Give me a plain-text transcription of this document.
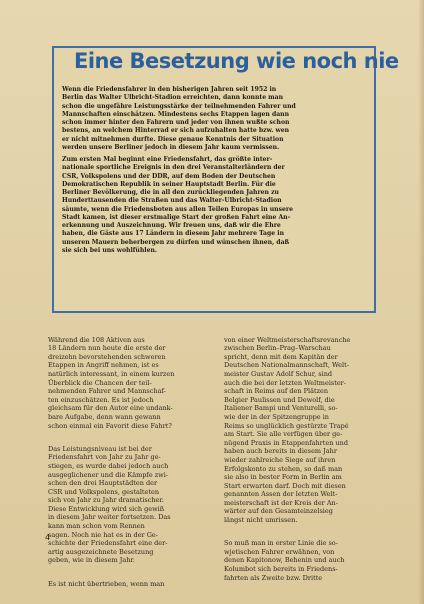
Eine Besetzung wie noch nie

Wenn die Friedensfahrer in den bisherigen Jahren seit 1952 in
Berlin das Walter Ulbricht-Stadion erreichten, dann konnte man
schon die ungefähre Leistungsstärke der teilnehmenden Fahrer und
Mannschaften einschätzen. Mindestens sechs Etappen lagen dann
schon immer hinter den Fahrern und jeder von ihnen wußte schon
bestens, an welchem Hinterrad er sich aufzuhalten hatte bzw. wen
er nicht mitnehmen durfte. Diese genaue Kenntnis der Situation
werden unsere Berliner jedoch in diesem Jahr kaum vermissen.

Zum ersten Mal beginnt eine Friedensfahrt, das größte inter-
nationale sportliche Ereignis in den drei Veranstalterländern der
CSR, Volkspolens und der DDR, auf dem Boden der Deutschen
Demokratischen Republik in seiner Hauptstadt Berlin. Für die
Berliner Bevölkerung, die in all den zurückliegenden Jahren zu
Hunderttausenden die Straßen und das Walter-Ulbricht-Stadion
säumte, wenn die Friedensboten aus allen Teilen Europas in unsere
Stadt kamen, ist dieser erstmalige Start der großen Fahrt eine An-
erkennung und Auszeichnung. Wir freuen uns, daß wir die Ehre
haben, die Gäste aus 17 Ländern in diesem Jahr mehrere Tage in
unseren Mauern beherbergen zu dürfen und wünschen ihnen, daß
sie sich bei uns wohlfühlen.

Während die 108 Aktiven aus
18 Ländern nun heute die erste der
dreizehn bevorstehenden schweren
Etappen in Angriff nehmen, ist es
natürlich interessant, in einem kurzen
Überblick die Chancen der teil-
nehmenden Fahrer und Mannschaf-
ten einzuschätzen. Es ist jedoch
gleichsam für den Autor eine undank-
bare Aufgabe, denn wann gewann
schon einmal ein Favorit diese Fahrt?

Das Leistungsniveau ist bei der
Friedensfahrt von Jahr zu Jahr ge-
stiegen, es wurde dabei jedoch auch
ausgeglichener und die Kämpfe zwi-
schen den drei Hauptstädten der
CSR und Volkspolens, gestalteten
sich von Jahr zu Jahr dramatischer.
Diese Entwicklung wird sich gewiß
in diesem Jahr weiter fortsetzen. Das
kann man schon vom Rennen
sagen. Noch nie hat es in der Ge-
schichte der Friedensfahrt eine der-
artig ausgezeichnete Besetzung
geben, wie in diesem Jahr.

Es ist nicht übertrieben, wenn man

von einer Weltmeisterschaftsrevanche
zwischen Berlin–Prag–Warschau
spricht, denn mit dem Kapitän der
Deutschen Nationalmannschaft, Welt-
meister Gustav Adolf Schur, sind
auch die bei der letzten Weltmeister-
schaft in Reims auf den Plätzen
Belgier Paulissen und Dewolf, die
Italiener Bampi und Venturelli, so-
wie der in der Spitzengruppe in
Reims so unglücklich gestürzte Trapé
am Start. Sie alle verfügen über ge-
nügend Praxis in Etappenfahrten und
haben auch bereits in diesem Jahr
wieder zahlreiche Siege auf ihren
Erfolgskonto zu stehen, so daß man
sie also in bester Form in Berlin am
Start erwarten darf. Doch mit diesen
genannten Assen der letzten Welt-
meisterschaft ist der Kreis der An-
wärter auf den Gesamteinzelsieg
längst nicht umrissen.

So muß man in erster Linie die so-
wjetischen Fahrer erwähnen, von
denen Kapitonow, Behenin und auch
Kolumbot sich bereits in Friedens-
fahrten als Zweite bzw. Dritte

4
